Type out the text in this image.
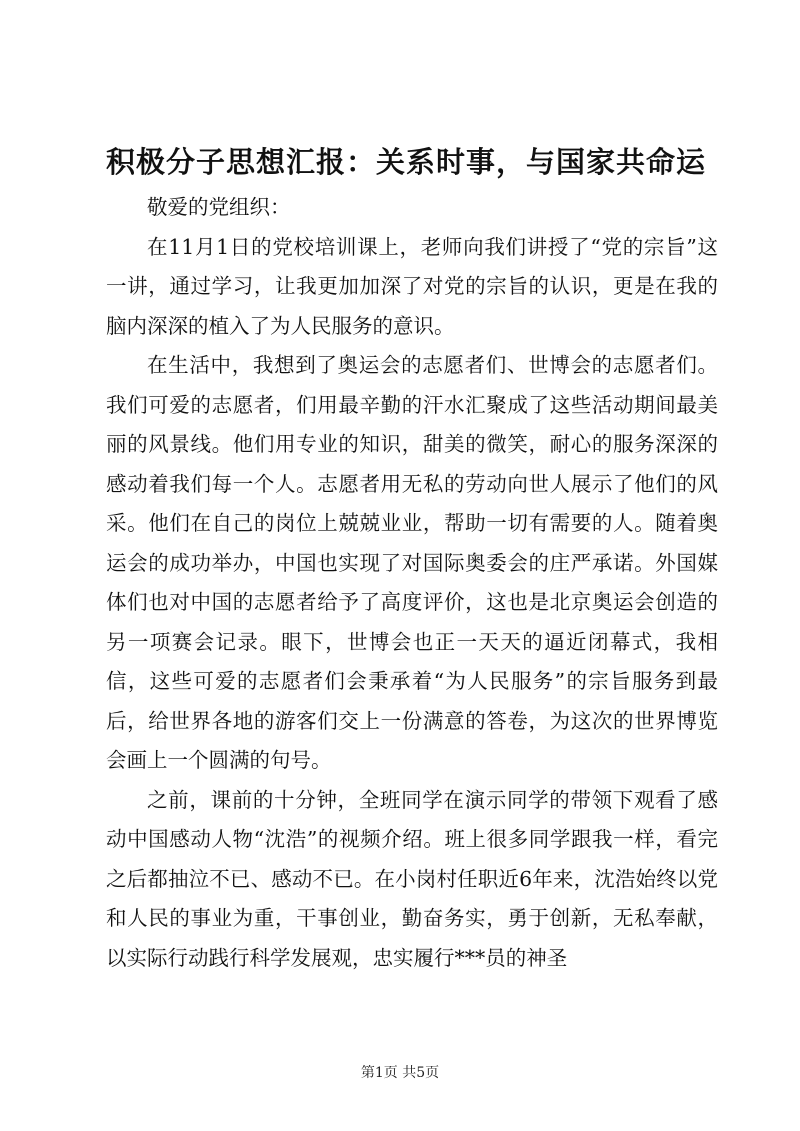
积极分子思想汇报：关系时事，与国家共命运

敬爱的党组织：

在11月1日的党校培训课上，老师向我们讲授了“党的宗旨”这一讲，通过学习，让我更加加深了对党的宗旨的认识，更是在我的脑内深深的植入了为人民服务的意识。

在生活中，我想到了奥运会的志愿者们、世博会的志愿者们。我们可爱的志愿者，们用最辛勤的汗水汇聚成了这些活动期间最美丽的风景线。他们用专业的知识，甜美的微笑，耐心的服务深深的感动着我们每一个人。志愿者用无私的劳动向世人展示了他们的风采。他们在自己的岗位上兢兢业业，帮助一切有需要的人。随着奥运会的成功举办，中国也实现了对国际奥委会的庄严承诺。外国媒体们也对中国的志愿者给予了高度评价，这也是北京奥运会创造的另一项赛会记录。眼下，世博会也正一天天的逼近闭幕式，我相信，这些可爱的志愿者们会秉承着“为人民服务”的宗旨服务到最后，给世界各地的游客们交上一份满意的答卷，为这次的世界博览会画上一个圆满的句号。

之前，课前的十分钟，全班同学在演示同学的带领下观看了感动中国感动人物“沈浩”的视频介绍。班上很多同学跟我一样，看完之后都抽泣不已、感动不已。在小岗村任职近6年来，沈浩始终以党和人民的事业为重，干事创业，勤奋务实，勇于创新，无私奉献，以实际行动践行科学发展观，忠实履行***员的神圣

第1页 共5页
